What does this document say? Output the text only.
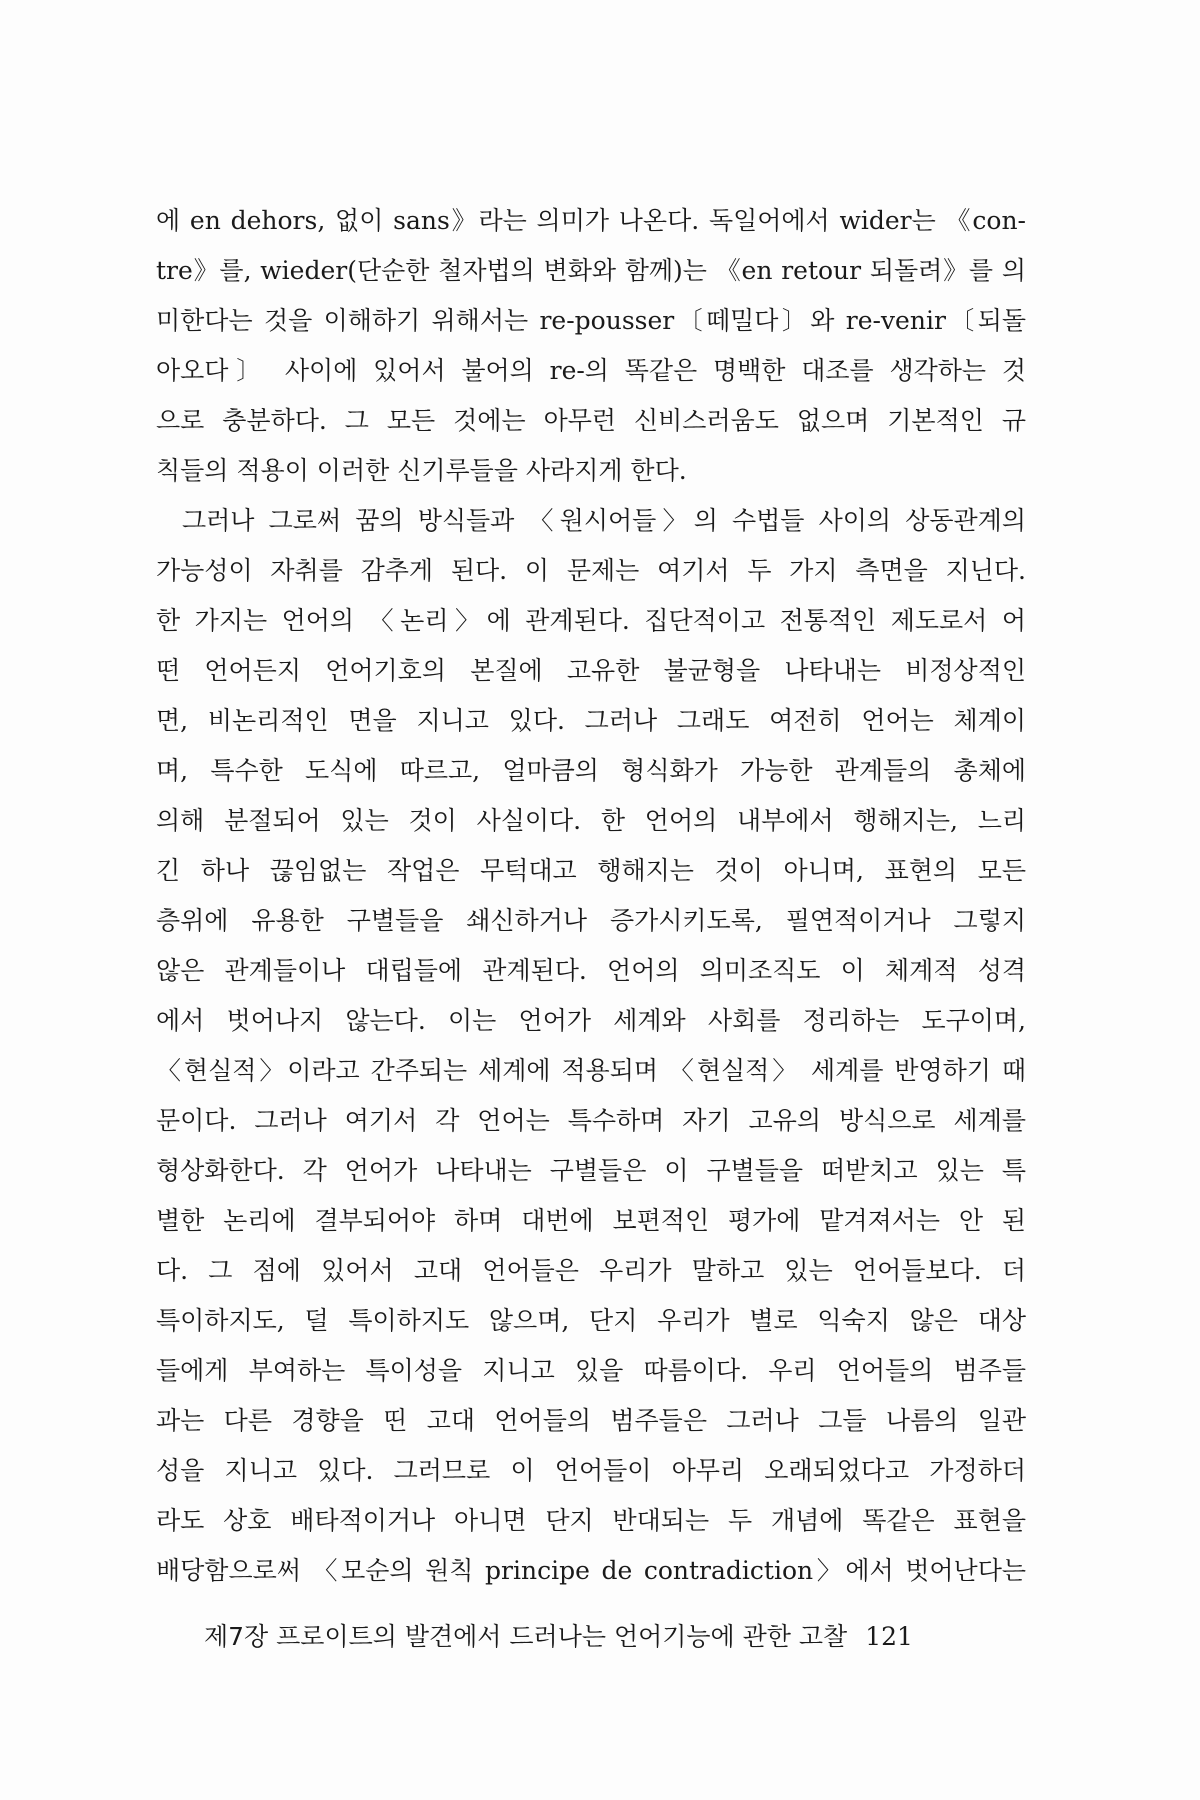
에 en dehors, 없이 sans》라는 의미가 나온다. 독일어에서 wider는 《con-
tre》를, wieder(단순한 철자법의 변화와 함께)는 《en retour 되돌려》를 의
미한다는 것을 이해하기 위해서는 re-pousser〔떼밀다〕와 re-venir〔되돌
아오다〕 사이에 있어서 불어의 re-의 똑같은 명백한 대조를 생각하는 것
으로 충분하다. 그 모든 것에는 아무런 신비스러움도 없으며 기본적인 규
칙들의 적용이 이러한 신기루들을 사라지게 한다.
그러나 그로써 꿈의 방식들과 〈원시어들〉의 수법들 사이의 상동관계의
가능성이 자취를 감추게 된다. 이 문제는 여기서 두 가지 측면을 지닌다.
한 가지는 언어의 〈논리〉에 관계된다. 집단적이고 전통적인 제도로서 어
떤 언어든지 언어기호의 본질에 고유한 불균형을 나타내는 비정상적인
면, 비논리적인 면을 지니고 있다. 그러나 그래도 여전히 언어는 체계이
며, 특수한 도식에 따르고, 얼마큼의 형식화가 가능한 관계들의 총체에
의해 분절되어 있는 것이 사실이다. 한 언어의 내부에서 행해지는, 느리
긴 하나 끊임없는 작업은 무턱대고 행해지는 것이 아니며, 표현의 모든
층위에 유용한 구별들을 쇄신하거나 증가시키도록, 필연적이거나 그렇지
않은 관계들이나 대립들에 관계된다. 언어의 의미조직도 이 체계적 성격
에서 벗어나지 않는다. 이는 언어가 세계와 사회를 정리하는 도구이며,
〈현실적〉이라고 간주되는 세계에 적용되며 〈현실적〉 세계를 반영하기 때
문이다. 그러나 여기서 각 언어는 특수하며 자기 고유의 방식으로 세계를
형상화한다. 각 언어가 나타내는 구별들은 이 구별들을 떠받치고 있는 특
별한 논리에 결부되어야 하며 대번에 보편적인 평가에 맡겨져서는 안 된
다. 그 점에 있어서 고대 언어들은 우리가 말하고 있는 언어들보다. 더
특이하지도, 덜 특이하지도 않으며, 단지 우리가 별로 익숙지 않은 대상
들에게 부여하는 특이성을 지니고 있을 따름이다. 우리 언어들의 범주들
과는 다른 경향을 띤 고대 언어들의 범주들은 그러나 그들 나름의 일관
성을 지니고 있다. 그러므로 이 언어들이 아무리 오래되었다고 가정하더
라도 상호 배타적이거나 아니면 단지 반대되는 두 개념에 똑같은 표현을
배당함으로써 〈모순의 원칙 principe de contradiction〉에서 벗어난다는
제7장 프로이트의 발견에서 드러나는 언어기능에 관한 고찰 121
